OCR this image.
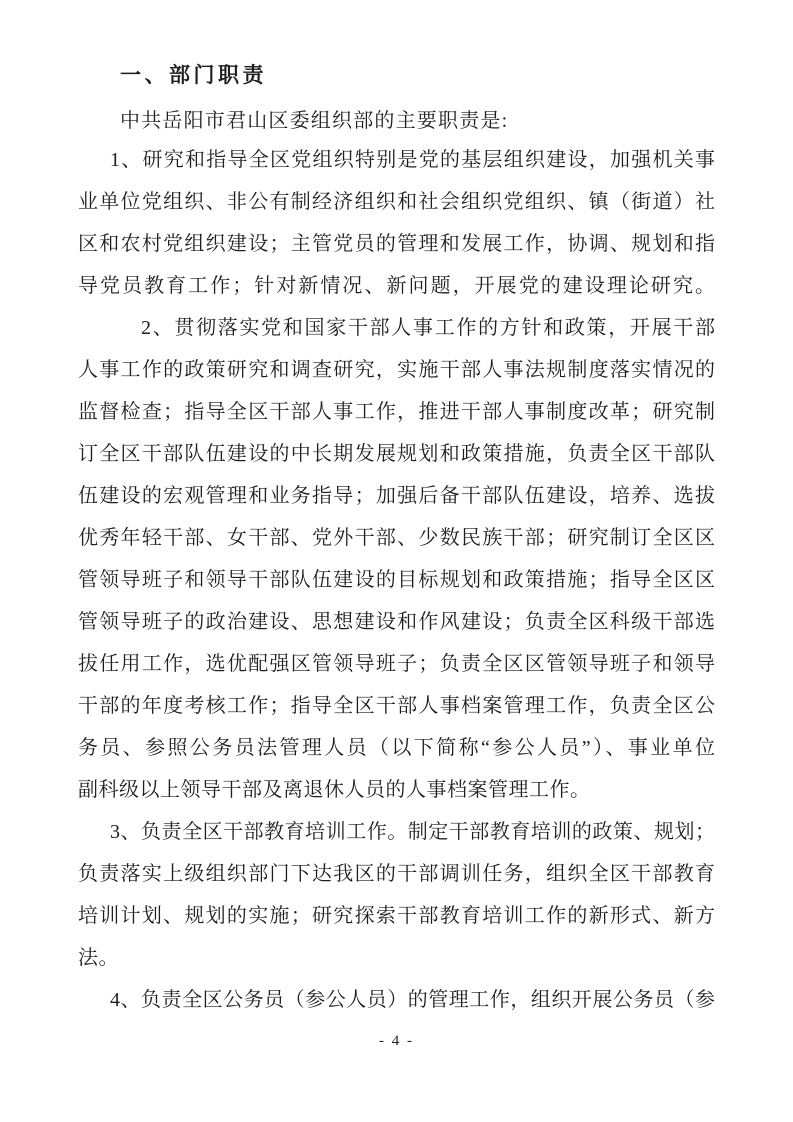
一、部门职责
中共岳阳市君山区委组织部的主要职责是:
1、研究和指导全区党组织特别是党的基层组织建设，加强机关事
业单位党组织、非公有制经济组织和社会组织党组织、镇（街道）社
区和农村党组织建设；主管党员的管理和发展工作，协调、规划和指
导党员教育工作；针对新情况、新问题，开展党的建设理论研究。
2、贯彻落实党和国家干部人事工作的方针和政策，开展干部
人事工作的政策研究和调查研究，实施干部人事法规制度落实情况的
监督检查；指导全区干部人事工作，推进干部人事制度改革；研究制
订全区干部队伍建设的中长期发展规划和政策措施，负责全区干部队
伍建设的宏观管理和业务指导；加强后备干部队伍建设，培养、选拔
优秀年轻干部、女干部、党外干部、少数民族干部；研究制订全区区
管领导班子和领导干部队伍建设的目标规划和政策措施；指导全区区
管领导班子的政治建设、思想建设和作风建设；负责全区科级干部选
拔任用工作，选优配强区管领导班子；负责全区区管领导班子和领导
干部的年度考核工作；指导全区干部人事档案管理工作，负责全区公
务员、参照公务员法管理人员（以下简称“参公人员”）、事业单位
副科级以上领导干部及离退休人员的人事档案管理工作。
3、负责全区干部教育培训工作。制定干部教育培训的政策、规划；
负责落实上级组织部门下达我区的干部调训任务，组织全区干部教育
培训计划、规划的实施；研究探索干部教育培训工作的新形式、新方
法。
4、负责全区公务员（参公人员）的管理工作，组织开展公务员（参
- 4 -
